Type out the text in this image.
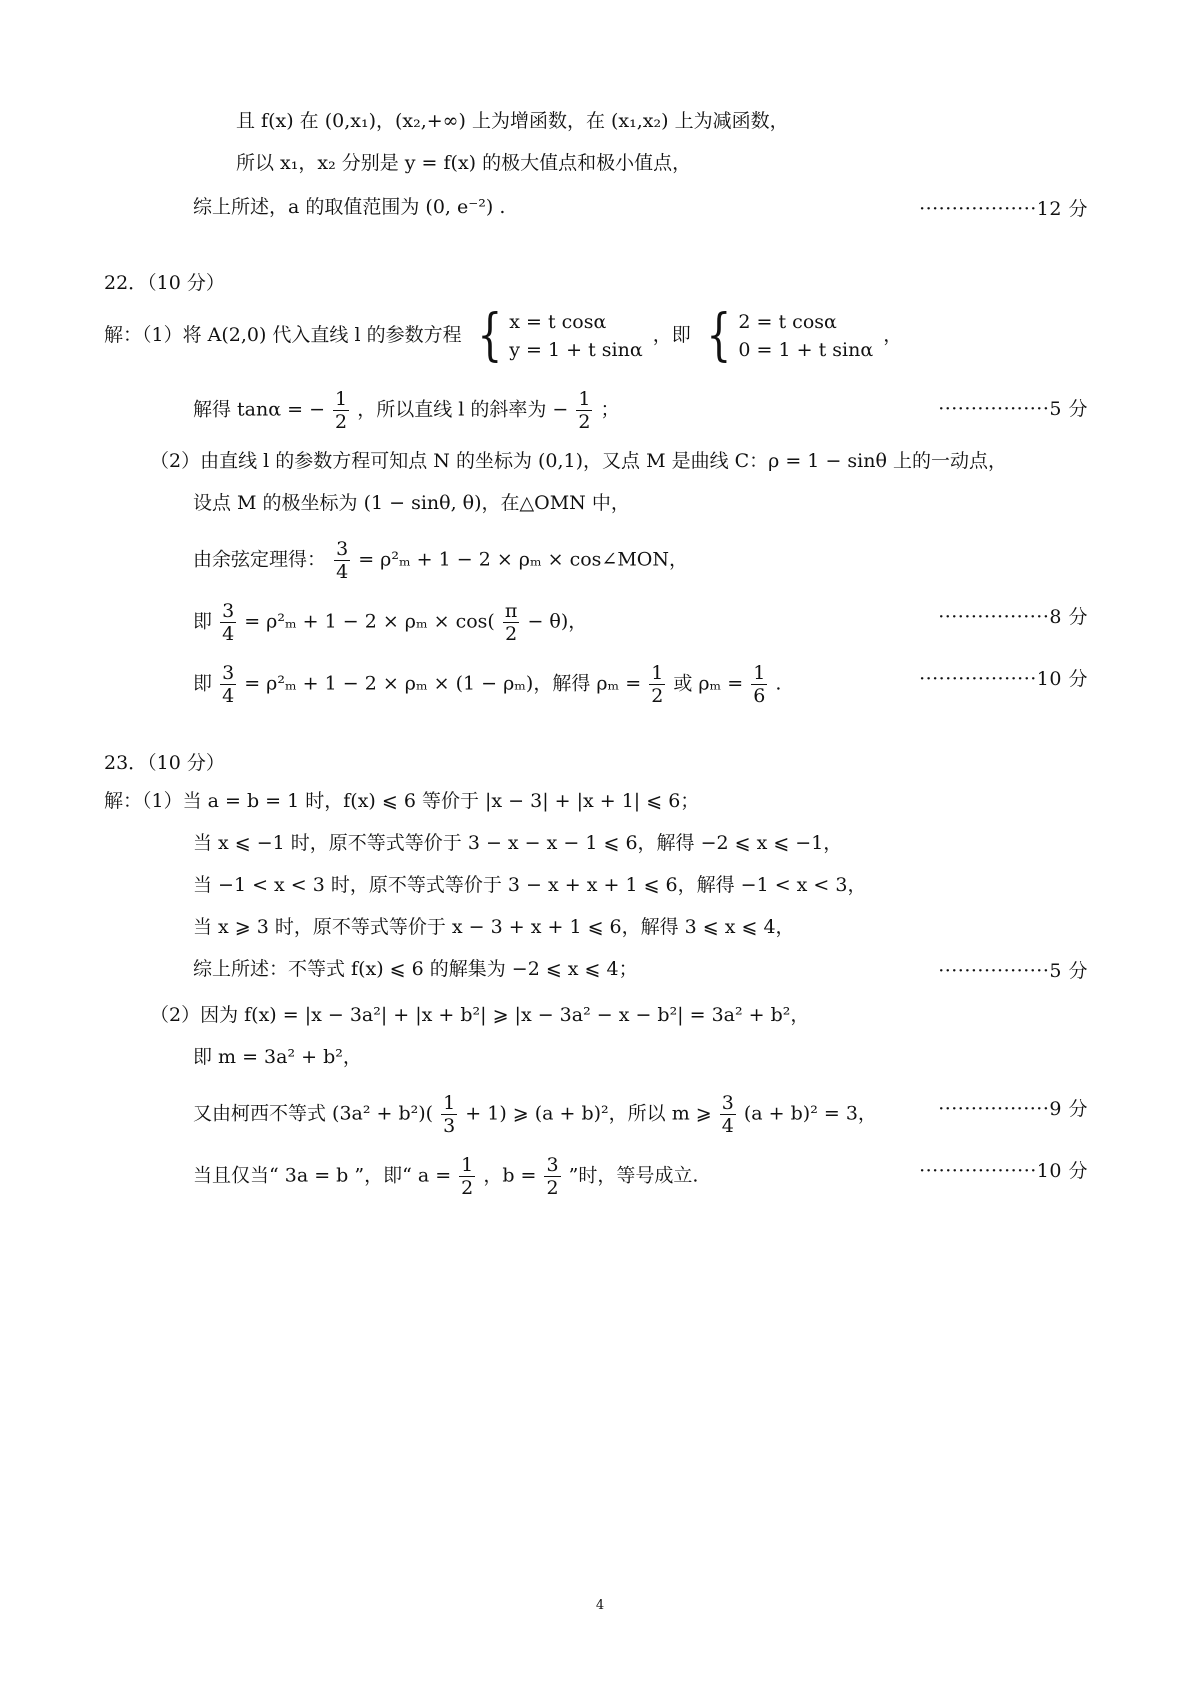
且 f(x) 在 (0,x₁)，(x₂,+∞) 上为增函数，在 (x₁,x₂) 上为减函数，
所以 x₁，x₂ 分别是 y = f(x) 的极大值点和极小值点，
综上所述，a 的取值范围为 (0, e⁻²) .	··················12 分
22．（10 分）
解：（1）将 A(2,0) 代入直线 l 的参数方程 { x = t cosα
y = 1 + t sinα
，即 { 2 = t cosα
0 = 1 + t sinα
，
解得 tanα = − $\frac{1}{2}$ ，所以直线 l 的斜率为 − $\frac{1}{2}$ ；	·················5 分
（2）由直线 l 的参数方程可知点 N 的坐标为 (0,1)，又点 M 是曲线 C：ρ = 1 − sinθ 上的一动点，
设点 M 的极坐标为 (1 − sinθ, θ)，在△OMN 中，
由余弦定理得： $\frac{3}{4} = \rho^2_m + 1 - 2 \times \rho_m$ × cos∠MON，
即 $\frac{3}{4} = \rho^2_m + 1 - 2 \times \rho_m \times \cos( \frac{\pi}{2} - \theta)$，	·················8 分
即 $\frac{3}{4} = \rho^2_m + 1 - 2 \times \rho_m \times (1 - \rho_m)$，解得 $\rho_m = \frac{1}{2}$ 或 $\rho_m = \frac{1}{6}$ .	··················10 分
23．（10 分）
解：（1）当 a = b = 1 时，f(x) ⩽ 6 等价于 |x − 3| + |x + 1| ⩽ 6；
当 x ⩽ −1 时，原不等式等价于 3 − x − x − 1 ⩽ 6，解得 −2 ⩽ x ⩽ −1，
当 −1 < x < 3 时，原不等式等价于 3 − x + x + 1 ⩽ 6，解得 −1 < x < 3，
当 x ⩾ 3 时，原不等式等价于 x − 3 + x + 1 ⩽ 6，解得 3 ⩽ x ⩽ 4，
综上所述：不等式 f(x) ⩽ 6 的解集为 −2 ⩽ x ⩽ 4；	·················5 分
（2）因为 f(x) = |x − 3a²| + |x + b²| ⩾ |x − 3a² − x − b²| = 3a² + b²，
即 m = 3a² + b²，
又由柯西不等式 $(3a^2 + b^2)( \frac{1}{3} + 1)$ ⩾ (a + b)²，所以 m ⩾ $\frac{3}{4} (a + b)^2 = 3$，	·················9 分
当且仅当“ 3a = b ”，即“ $a = \frac{1}{2}$ ，$b = \frac{3}{2}$ ”时，等号成立.	··················10 分
4
